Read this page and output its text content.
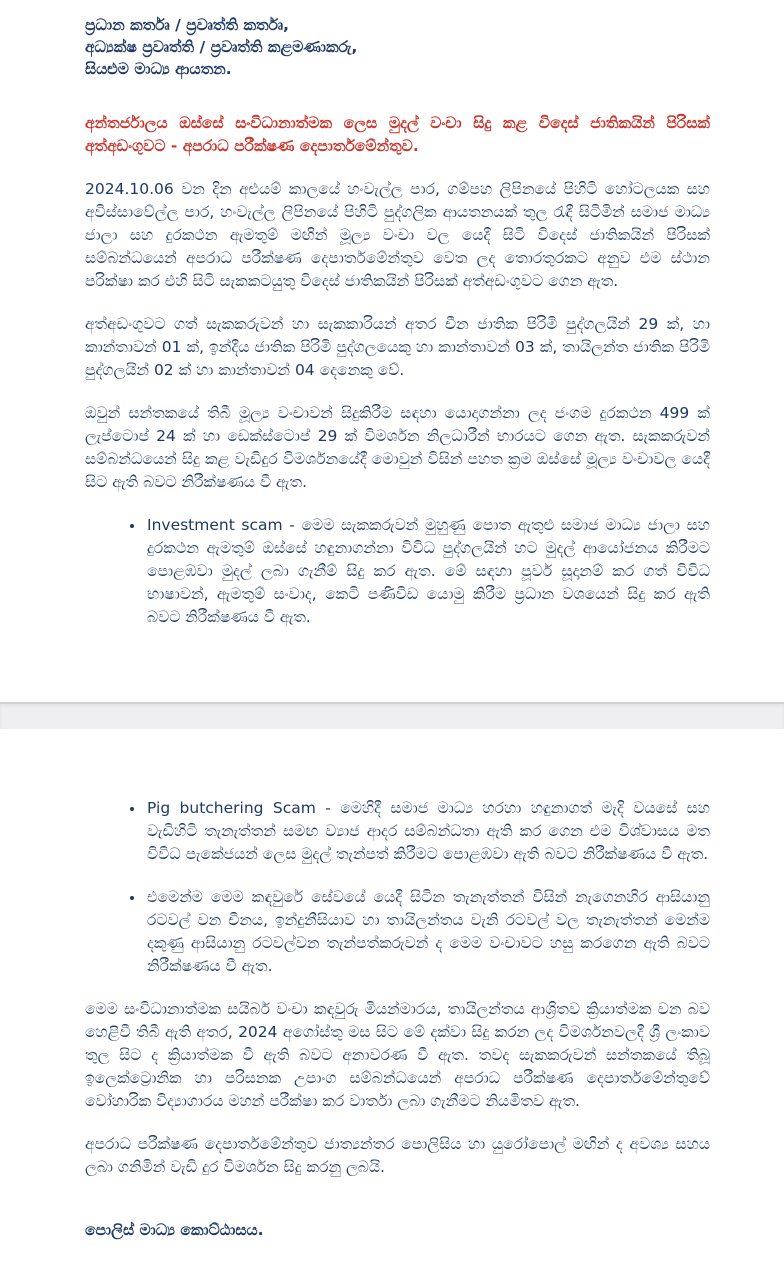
ප්‍රධාන කර්තෘ / ප්‍රවෘත්ති කර්තෘ,

අධ්‍යක්ෂ ප්‍රවෘත්ති / ප්‍රවෘත්ති කළමණාකරු,

සියළුම මාධ්‍ය ආයතන.

අන්තර්ජාලය ඔස්සේ සංවිධානාත්මක ලෙස මුදල් වංචා සිදු කළ විදෙස් ජාතිකයින් පිරිසක් අත්අඩංගුවට - අපරාධ පරීක්ෂණ දෙපාර්තමේන්තුව.

2024.10.06 වන දින අළුයම් කාලයේ හංවැල්ල පාර, ගම්පහ ලිපිනයේ පිහිටි හෝටලයක සහ අවිස්සාවේල්ල පාර, හංවැල්ල ලිපිනයේ පිහිටි පුද්ගලික ආයතනයක් තුල රැඳී සිටිමින් සමාජ මාධ්‍ය ජාලා සහ දුරකථන ඇමතුම් මඟින් මූල්‍ය වංචා වල යෙදී සිටි විදෙස් ජාතිකයින් පිරිසක් සම්බන්ධයෙන් අපරාධ පරීක්ෂණ දෙපාර්තමේන්තුව වෙත ලද තොරතුරකට අනුව එම ස්ථාන පරික්ෂා කර එහි සිටි සැකකටයුතු විදෙස් ජාතිකයින් පිරිසක් අත්අඩංගුවට ගෙන ඇත.

අත්අඩංගුවට ගත් සැකකරුවන් හා සැකකාරියන් අතර චීන ජාතික පිරිමි පුද්ගලයින් 29 ක්, හා කාන්තාවන් 01 ක්, ඉන්දීය ජාතික පිරිමි පුද්ගලයෙකු හා කාන්තාවන් 03 ක්, තායිලන්ත ජාතික පිරිමි පුද්ගලයින් 02 ක් හා කාන්තාවන් 04 දෙනෙකු වේ.

ඔවුන් සන්තකයේ තිබී මූල්‍ය වංචාවන් සිදුකිරීම සඳහා යොදාගන්නා ලද ජංගම දුරකථන 499 ක් ලැප්ටොප් 24 ක් හා ඩෙක්ස්ටොප් 29 ක් විමර්ශන නිලධාරීන් භාරයට ගෙන ඇත. සැකකරුවන් සම්බන්ධයෙන් සිදු කළ වැඩිදුර විමර්ශනයේදී මොවුන් විසින් පහත ක්‍රම ඔස්සේ මූල්‍ය වංචාවල යෙදී සිට ඇති බවට නිරීක්ෂණය වී ඇත.

• Investment scam - මෙම සැකකරුවන් මුහුණු පොත ඇතුළු සමාජ මාධ්‍ය ජාලා සහ දුරකථන ඇමතුම් ඔස්සේ හඳුනාගන්නා විවිධ පුද්ගලයින් හට මුදල් ආයෝජනය කිරීමට පොළඹවා මුදල් ලබා ගැනීම් සිදු කර ඇත. මේ සඳහා පූර්ව සූදානම් කර ගත් විවිධ භාෂාවන්, ඇමතුම් සංවාද, කෙටි පණිවිඩ යොමු කිරීම ප්‍රධාන වශයෙන් සිදු කර ඇති බවට නිරීක්ෂණය වී ඇත.
• Pig butchering Scam - මෙහිදී සමාජ මාධ්‍ය හරහා හඳුනාගත් මැදි වයසේ සහ වැඩිහිටි තැනැත්තන් සමඟ ව්‍යාජ ආදර සම්බන්ධතා ඇති කර ගෙන එම විශ්වාසය මත විවිධ පැකේජයන් ලෙස මුදල් තැන්පත් කිරීමට පොළඹවා ඇති බවට නිරීක්ෂණය වී ඇත.
• එමෙන්ම මෙම කඳවුරේ සේවයේ යෙදී සිටින තැනැත්තන් විසින් නැගෙනහිර ආසියානු රටවල් වන චීනය, ඉන්දුනීසියාව හා තායිලන්තය වැනි රටවල් වල තැනැත්තන් මෙන්ම දකුණු ආසියානු රටවල්වන තැන්පත්කරුවන් ද මෙම වංචාවට හසු කරගෙන ඇති බවට නිරීක්ෂණය වී ඇත.

මෙම සංවිධානාත්මක සයිබර් වංචා කඳවුරු මියන්මාරය, තායිලන්තය ආශ්‍රිතව ක්‍රියාත්මක වන බව හෙළිවී තිබී ඇති අතර, 2024 අගෝස්තු මස සිට මේ දක්වා සිදු කරන ලද විමර්ශනවලදී ශ්‍රී ලංකාව තුල සිට ද ක්‍රියාත්මක වී ඇති බවට අනාවරණ වී ඇත. තවද සැකකරුවන් සන්තකයේ තිබූ ඉලෙක්ට්‍රොනික හා පරිසනක උපාංග සම්බන්ධයෙන් අපරාධ පරීක්ෂණ දෙපාර්තමේන්තුවේ වෝහාරික විද්‍යාගාරය මහන් පරීක්ෂා කර වාර්තා ලබා ගැනීමට නියමිතව ඇත.

අපරාධ පරීක්ෂණ දෙපාර්තමේන්තුව ජාත්‍යන්තර පොලිසිය හා යුරෝපොල් මඟින් ද අවශ්‍ය සහය ලබා ගනිමින් වැඩි දුර විමර්ශන සිදු කරනු ලබයි.

පොලිස් මාධ්‍ය කොට්ඨාසය.
